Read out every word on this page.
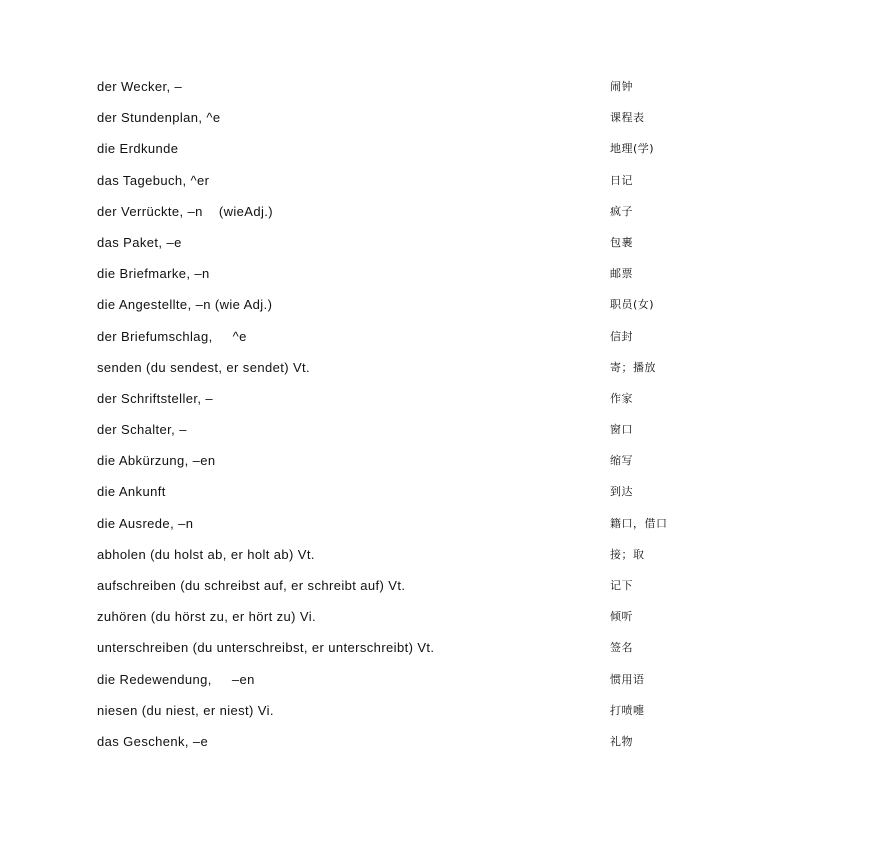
der Wecker, –	闹钟
der Stundenplan, ^e	课程表
die Erdkunde	地理(学)
das Tagebuch, ^er	日记
der Verrückte, –n    (wieAdj.)	疯子
das Paket, –e	包裹
die Briefmarke, –n	邮票
die Angestellte, –n (wie Adj.)	职员(女)
der Briefumschlag,     ^e	信封
senden (du sendest, er sendet) Vt.	寄；播放
der Schriftsteller, –	作家
der Schalter, –	窗口
die Abkürzung, –en	缩写
die Ankunft	到达
die Ausrede, –n	籍口，借口
abholen (du holst ab, er holt ab) Vt.	接；取
aufschreiben (du schreibst auf, er schreibt auf) Vt.	记下
zuhören (du hörst zu, er hört zu) Vi.	倾听
unterschreiben (du unterschreibst, er unterschreibt) Vt.	签名
die Redewendung,     –en	惯用语
niesen (du niest, er niest) Vi.	打喷嚏
das Geschenk, –e	礼物
